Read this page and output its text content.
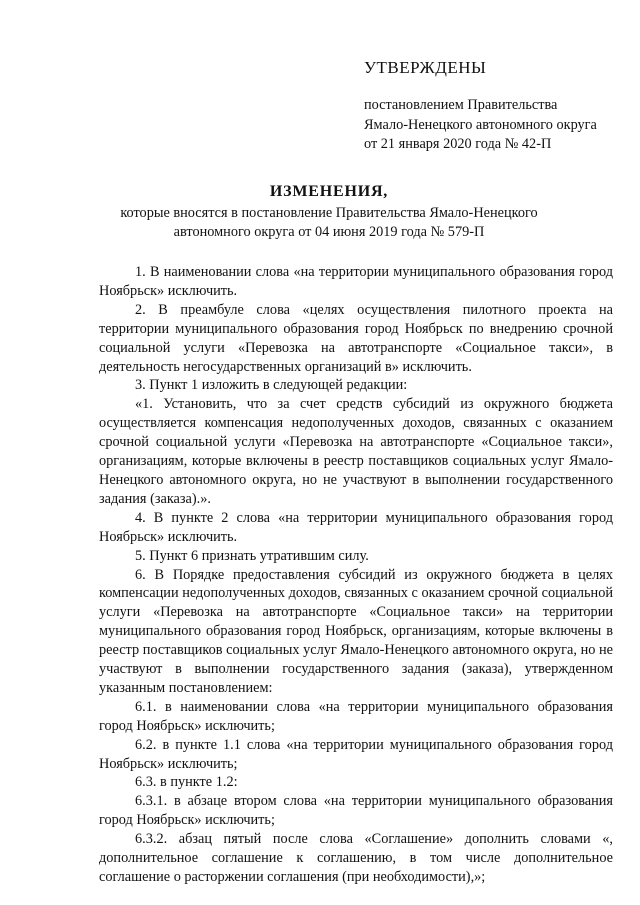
УТВЕРЖДЕНЫ
постановлением Правительства
Ямало-Ненецкого автономного округа
от 21 января 2020 года № 42-П
ИЗМЕНЕНИЯ,
которые вносятся в постановление Правительства Ямало-Ненецкого
автономного округа от 04 июня 2019 года № 579-П

1. В наименовании слова «на территории муниципального образования город Ноябрьск» исключить.

2. В преамбуле слова «целях осуществления пилотного проекта на территории муниципального образования город Ноябрьск по внедрению срочной социальной услуги «Перевозка на автотранспорте «Социальное такси», в деятельность негосударственных организаций в» исключить.

3. Пункт 1 изложить в следующей редакции:

«1. Установить, что за счет средств субсидий из окружного бюджета осуществляется компенсация недополученных доходов, связанных с оказанием срочной социальной услуги «Перевозка на автотранспорте «Социальное такси», организациям, которые включены в реестр поставщиков социальных услуг Ямало-Ненецкого автономного округа, но не участвуют в выполнении государственного задания (заказа).».

4. В пункте 2 слова «на территории муниципального образования город Ноябрьск» исключить.

5. Пункт 6 признать утратившим силу.

6. В Порядке предоставления субсидий из окружного бюджета в целях компенсации недополученных доходов, связанных с оказанием срочной социальной услуги «Перевозка на автотранспорте «Социальное такси» на территории муниципального образования город Ноябрьск, организациям, которые включены в реестр поставщиков социальных услуг Ямало-Ненецкого автономного округа, но не участвуют в выполнении государственного задания (заказа), утвержденном указанным постановлением:

6.1. в наименовании слова «на территории муниципального образования город Ноябрьск» исключить;

6.2. в пункте 1.1 слова «на территории муниципального образования город Ноябрьск» исключить;

6.3. в пункте 1.2:

6.3.1. в абзаце втором слова «на территории муниципального образования город Ноябрьск» исключить;

6.3.2. абзац пятый после слова «Соглашение» дополнить словами «, дополнительное соглашение к соглашению, в том числе дополнительное соглашение о расторжении соглашения (при необходимости),»;
